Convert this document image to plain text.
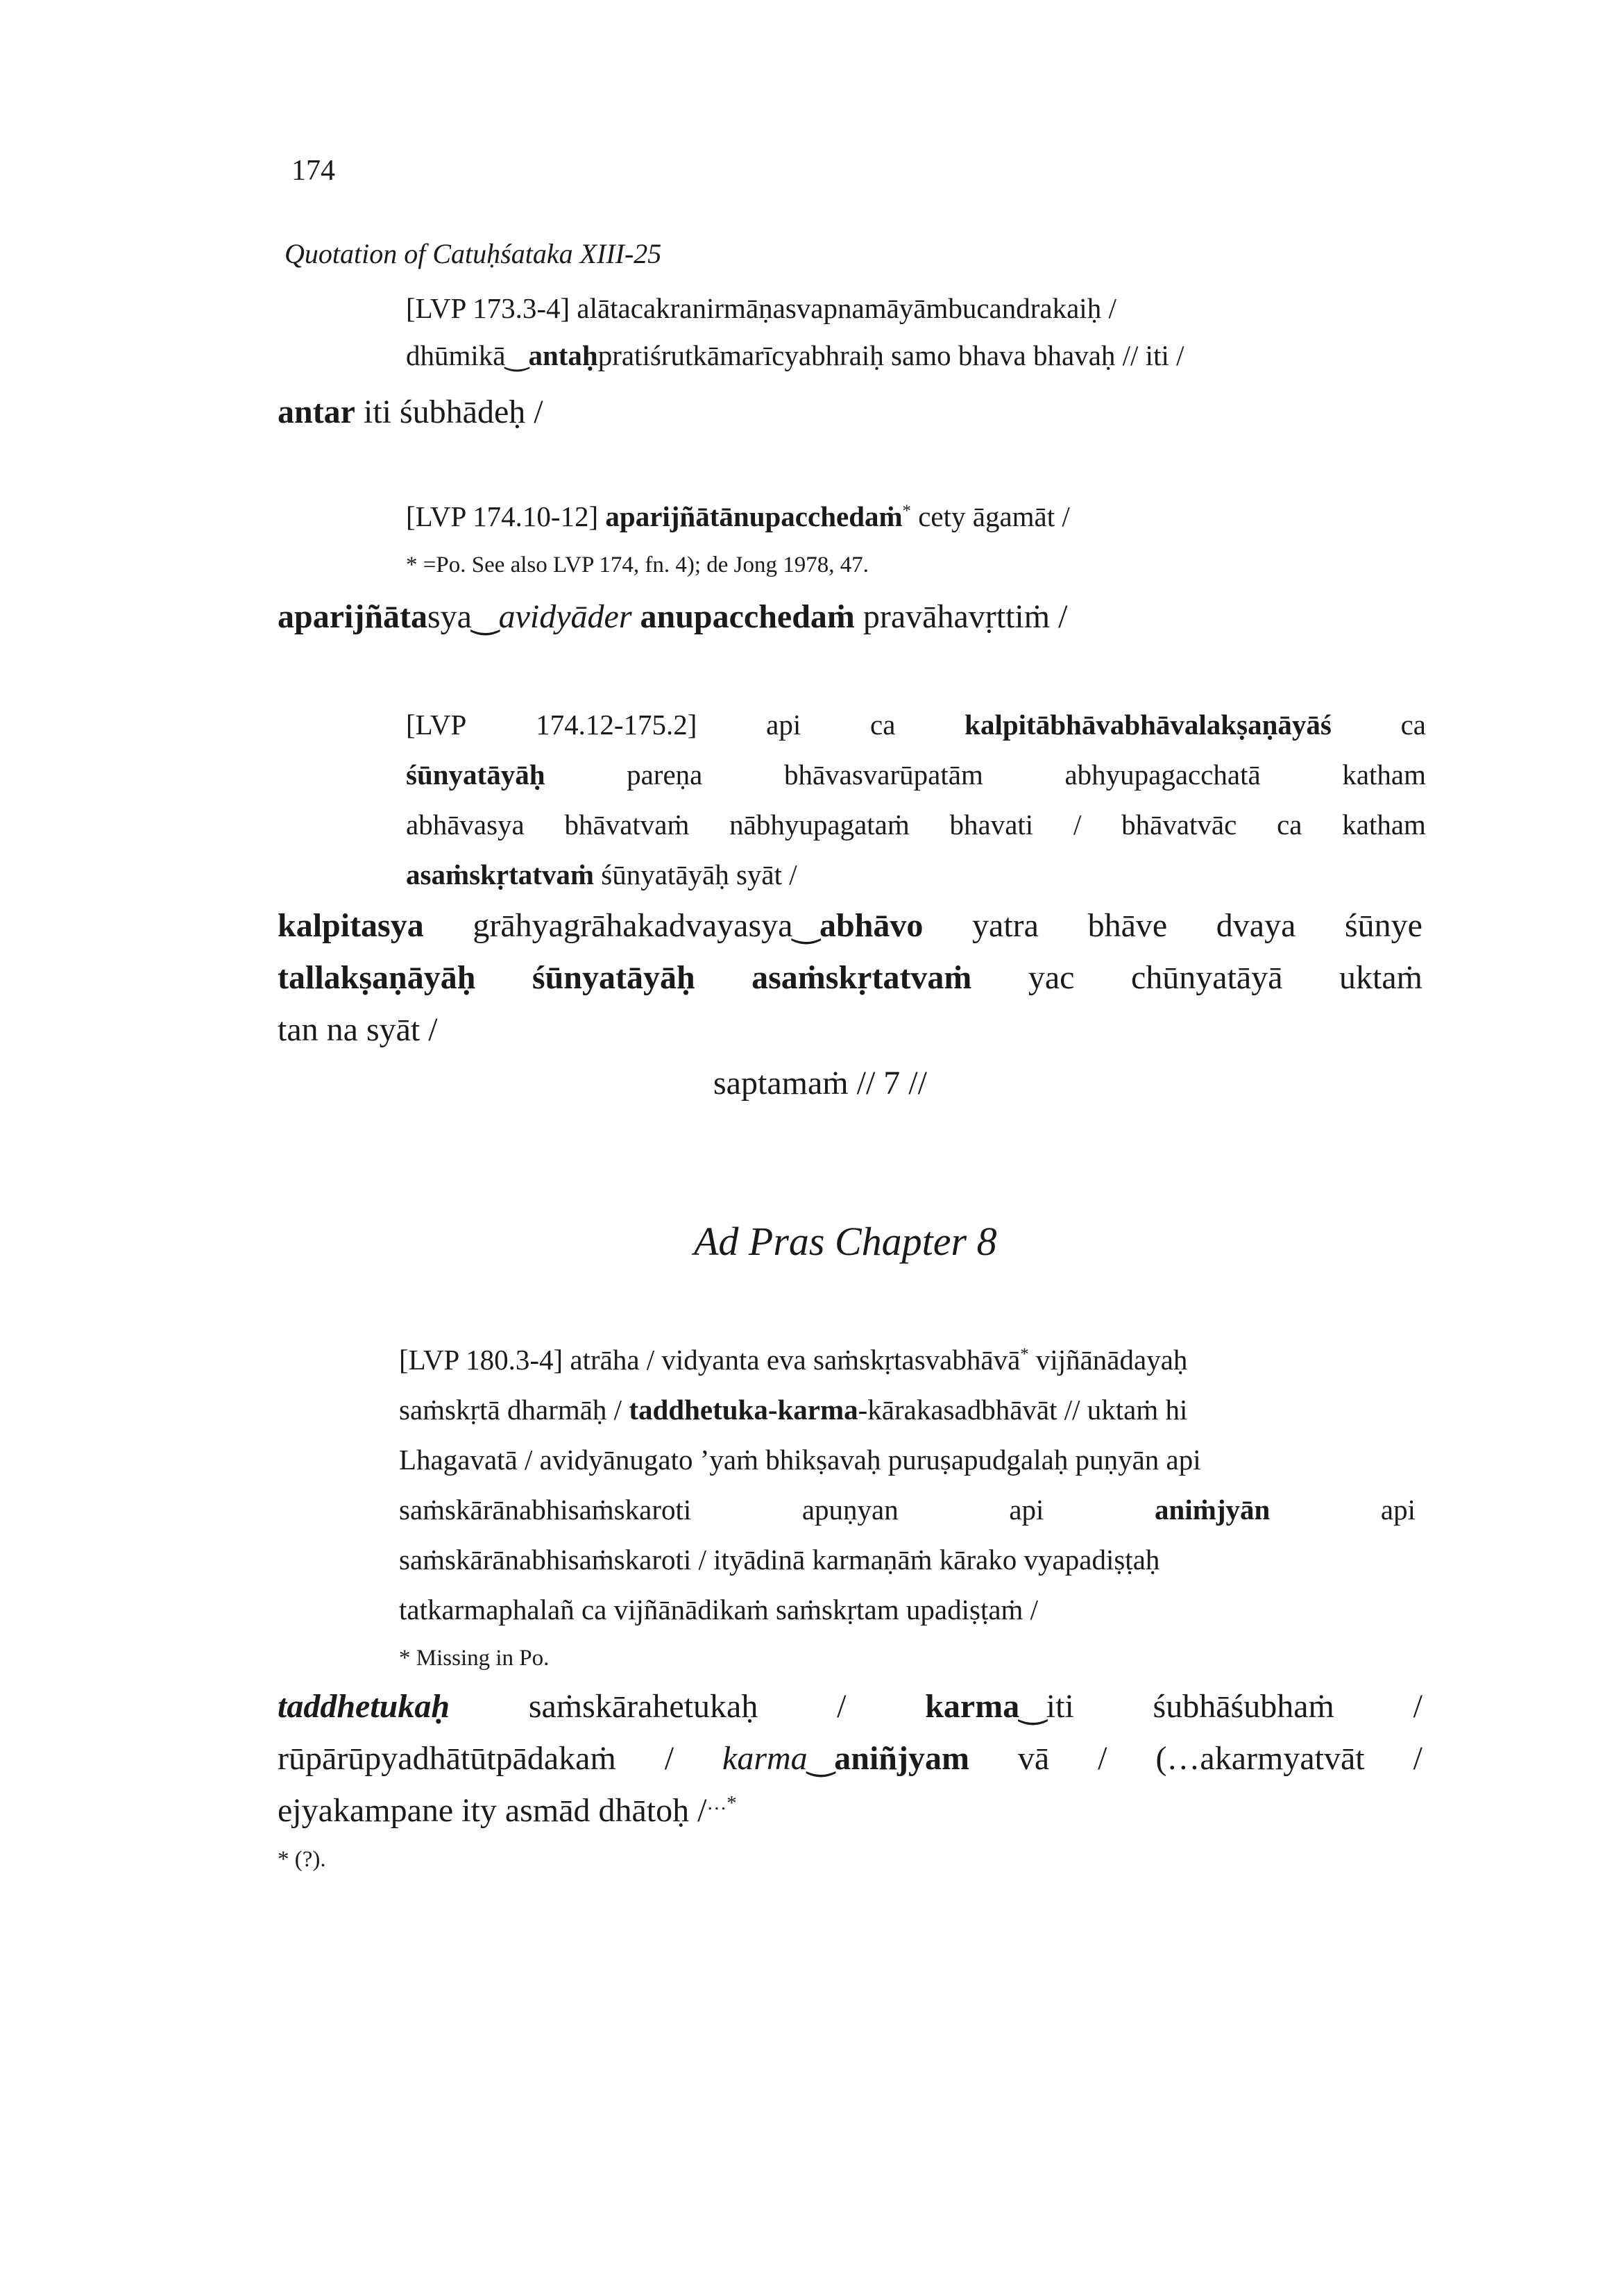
174
Quotation of Catuḥśataka XIII-25
[LVP 173.3-4] alātacakranirmāṇasvapnamāyāmbucandrakaiḥ /
dhūmikā‿antaḥpratiśrutkāmarīcyabhraiḥ samo bhava bhavaḥ // iti /
antar iti śubhādeḥ /
[LVP 174.10-12] aparijñātānupacchedaṁ* cety āgamāt /
* =Po. See also LVP 174, fn. 4); de Jong 1978, 47.
aparijñātasya‿avidyāder anupacchedaṁ pravāhavṛttiṁ /
[LVP 174.12-175.2] api ca kalpitābhāvabhāvalakṣaṇāyāś ca
śūnyatāyāḥ	pareṇa	bhāvasvarūpatām	abhyupagacchatā	katham
abhāvasya bhāvatvaṁ nābhyupagataṁ bhavati / bhāvatvāc ca katham
asaṁskṛtatvaṁ śūnyatāyāḥ syāt /
kalpitasya grāhyagrāhakadvayasya‿abhāvo yatra bhāve dvaya śūnye
tallakṣaṇāyāḥ śūnyatāyāḥ asaṁskṛtatvaṁ yac chūnyatāyā uktaṁ
tan na syāt /
saptamaṁ // 7 //
Ad Pras Chapter 8
[LVP 180.3-4] atrāha / vidyanta eva saṁskṛtasvabhāvā* vijñānādayaḥ
saṁskṛtā dharmāḥ / taddhetuka-karma-kārakasadbhāvāt // uktaṁ hi
Lhagavatā / avidyānugato ’yaṁ bhikṣavaḥ puruṣapudgalaḥ puṇyān api
saṁskārānabhisaṁskaroti	apuṇyan	api	aniṁjyān	api
saṁskārānabhisaṁskaroti / ityādinā karmaṇāṁ kārako vyapadiṣṭaḥ
tatkarmaphalañ ca vijñānādikaṁ saṁskṛtam upadiṣṭaṁ /
* Missing in Po.
taddhetukaḥ saṁskārahetukaḥ / karma‿iti śubhāśubhaṁ /
rūpārūpyadhātūtpādakaṁ / karma‿aniñjyam vā / (…akarmyatvāt /
ejyakampane ity asmād dhātoḥ /…*
* (?).
